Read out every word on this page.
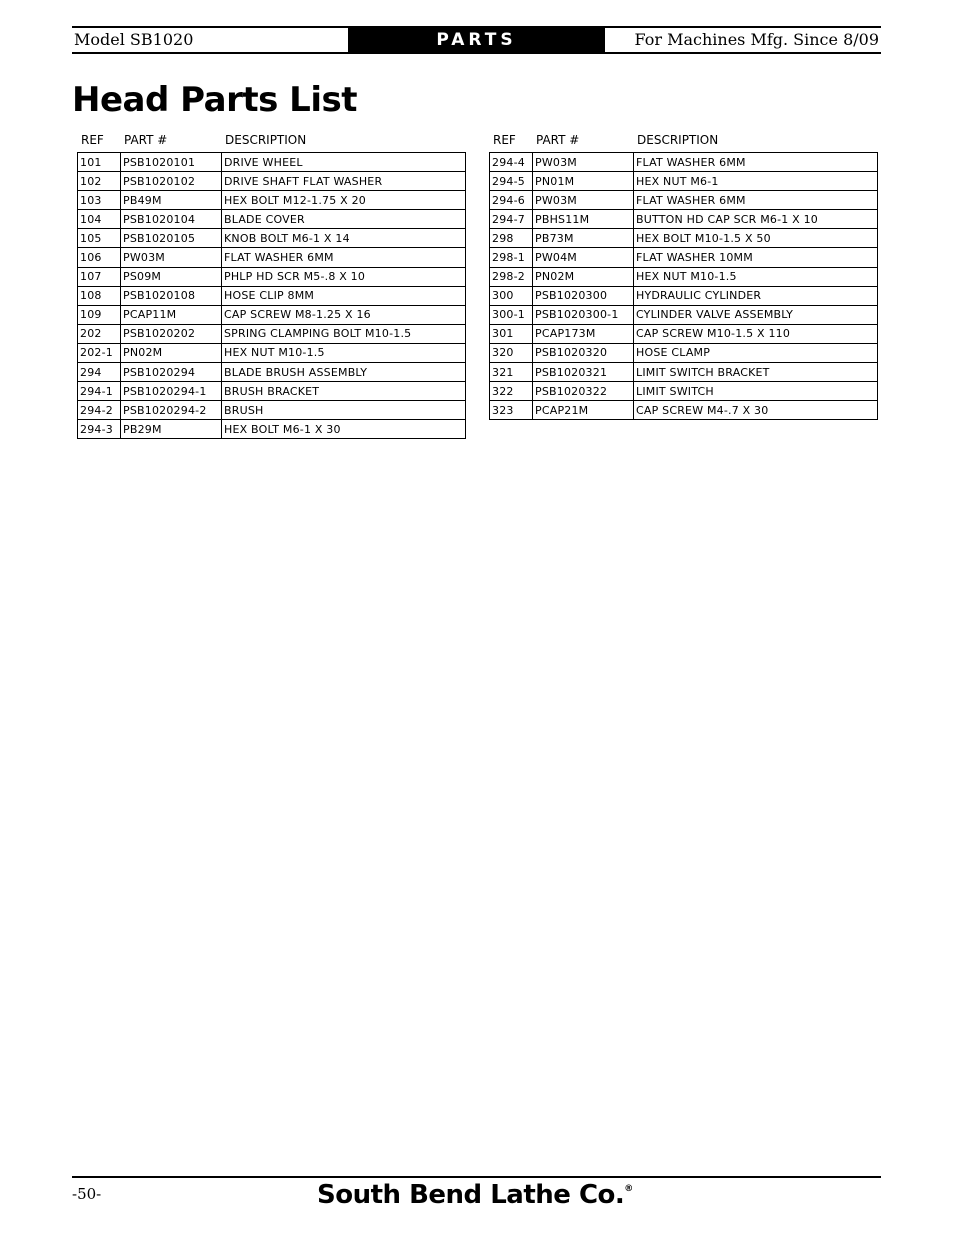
Model SB1020	PARTS	For Machines Mfg. Since 8/09
Head Parts List
REF PART #	DESCRIPTION
101	PSB1020101	DRIVE WHEEL
102	PSB1020102	DRIVE SHAFT FLAT WASHER
103	PB49M	HEX BOLT M12-1.75 X 20
104	PSB1020104	BLADE COVER
105	PSB1020105	KNOB BOLT M6-1 X 14
106	PW03M	FLAT WASHER 6MM
107	PS09M	PHLP HD SCR M5-.8 X 10
108	PSB1020108	HOSE CLIP 8MM
109	PCAP11M	CAP SCREW M8-1.25 X 16
202	PSB1020202	SPRING CLAMPING BOLT M10-1.5
202-1	PN02M	HEX NUT M10-1.5
294	PSB1020294	BLADE BRUSH ASSEMBLY
294-1	PSB1020294-1	BRUSH BRACKET
294-2	PSB1020294-2	BRUSH
294-3	PB29M	HEX BOLT M6-1 X 30
REF PART #	DESCRIPTION
294-4	PW03M	FLAT WASHER 6MM
294-5	PN01M	HEX NUT M6-1
294-6	PW03M	FLAT WASHER 6MM
294-7	PBHS11M	BUTTON HD CAP SCR M6-1 X 10
298	PB73M	HEX BOLT M10-1.5 X 50
298-1	PW04M	FLAT WASHER 10MM
298-2	PN02M	HEX NUT M10-1.5
300	PSB1020300	HYDRAULIC CYLINDER
300-1	PSB1020300-1	CYLINDER VALVE ASSEMBLY
301	PCAP173M	CAP SCREW M10-1.5 X 110
320	PSB1020320	HOSE CLAMP
321	PSB1020321	LIMIT SWITCH BRACKET
322	PSB1020322	LIMIT SWITCH
323	PCAP21M	CAP SCREW M4-.7 X 30
-50-	South Bend Lathe Co.®
